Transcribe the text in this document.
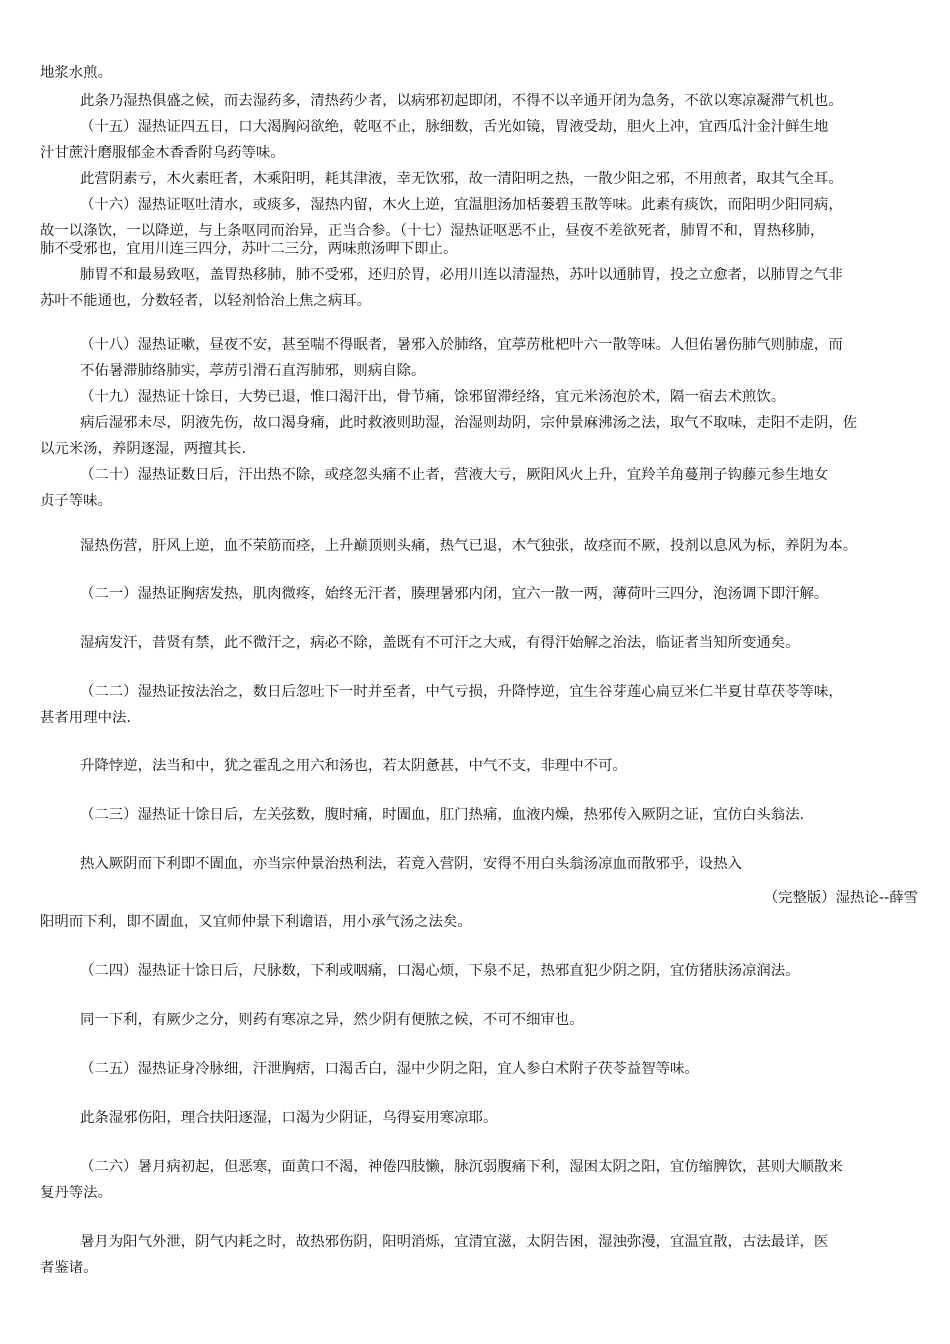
地浆水煎。
此条乃湿热俱盛之候，而去湿药多，清热药少者，以病邪初起即闭，不得不以辛通开闭为急务，不欲以寒凉凝滞气机也。
（十五）湿热证四五日，口大渴胸闷欲绝，乾呕不止，脉细数，舌光如镜，胃液受劫，胆火上冲，宜西瓜汁金汁鲜生地
汁甘蔗汁磨服郁金木香香附乌药等味。
此营阴素亏，木火素旺者，木乘阳明，耗其津液，幸无饮邪，故一清阳明之热，一散少阳之邪，不用煎者，取其气全耳。
（十六）湿热证呕吐清水，或痰多，湿热内留，木火上逆，宜温胆汤加栝蒌碧玉散等味。此素有痰饮，而阳明少阳同病，
故一以涤饮，一以降逆，与上条呕同而治异，正当合参。（十七）湿热证呕恶不止，昼夜不差欲死者，肺胃不和，胃热移肺，
肺不受邪也，宜用川连三四分，苏叶二三分，两味煎汤呷下即止。
肺胃不和最易致呕，盖胃热移肺，肺不受邪，还归於胃，必用川连以清湿热，苏叶以通肺胃，投之立愈者，以肺胃之气非
苏叶不能通也，分数轻者，以轻剂恰治上焦之病耳。
（十八）湿热证嗽，昼夜不安，甚至喘不得眠者，暑邪入於肺络，宜葶苈枇杷叶六一散等味。人但佑暑伤肺气则肺虚，而
不佑暑滞肺络肺实，葶苈引滑石直泻肺邪，则病自除。
（十九）湿热证十馀日，大势已退，惟口渴汗出，骨节痛，馀邪留滞经络，宜元米汤泡於术，隔一宿去术煎饮。
病后湿邪未尽，阴液先伤，故口渴身痛，此时救液则助湿，治湿则劫阴，宗仲景麻沸汤之法，取气不取味，走阳不走阴，佐
以元米汤，养阴逐湿，两擅其长.
（二十）湿热证数日后，汗出热不除，或痉忽头痛不止者，营液大亏，厥阳风火上升，宜羚羊角蔓荆子钩藤元参生地女
贞子等味。
湿热伤营，肝风上逆，血不荣筋而痉，上升巅顶则头痛，热气已退，木气独张，故痉而不厥，投剂以息风为标，养阴为本。
（二一）湿热证胸痞发热，肌肉微疼，始终无汗者，腠理暑邪内闭，宜六一散一两，薄荷叶三四分，泡汤调下即汗解。
湿病发汗，昔贤有禁，此不微汗之，病必不除，盖既有不可汗之大戒，有得汗始解之治法，临证者当知所变通矣。
（二二）湿热证按法治之，数日后忽吐下一时并至者，中气亏损，升降悖逆，宜生谷芽莲心扁豆米仁半夏甘草茯苓等味，
甚者用理中法.
升降悖逆，法当和中，犹之霍乱之用六和汤也，若太阴惫甚，中气不支，非理中不可。
（二三）湿热证十馀日后，左关弦数，腹时痛，时圊血，肛门热痛，血液内燥，热邪传入厥阴之证，宜仿白头翁法.
热入厥阴而下利即不圊血，亦当宗仲景治热利法，若竟入营阴，安得不用白头翁汤凉血而散邪乎，设热入
（完整版）湿热论--薛雪
阳明而下利，即不圊血，又宜师仲景下利谵语，用小承气汤之法矣。
（二四）湿热证十馀日后，尺脉数，下利或咽痛，口渴心烦，下泉不足，热邪直犯少阴之阴，宜仿猪肤汤凉润法。
同一下利，有厥少之分，则药有寒凉之异，然少阴有便脓之候，不可不细审也。
（二五）湿热证身冷脉细，汗泄胸痞，口渴舌白，湿中少阴之阳，宜人参白术附子茯苓益智等味。
此条湿邪伤阳，理合扶阳逐湿，口渴为少阴证，乌得妄用寒凉耶。
（二六）暑月病初起，但恶寒，面黄口不渴，神倦四肢懒，脉沉弱腹痛下利，湿困太阴之阳，宜仿缩脾饮，甚则大顺散来
复丹等法。
暑月为阳气外泄，阴气内耗之时，故热邪伤阴，阳明消烁，宜清宜滋，太阴告困，湿浊弥漫，宜温宜散，古法最详，医
者鉴诸。
